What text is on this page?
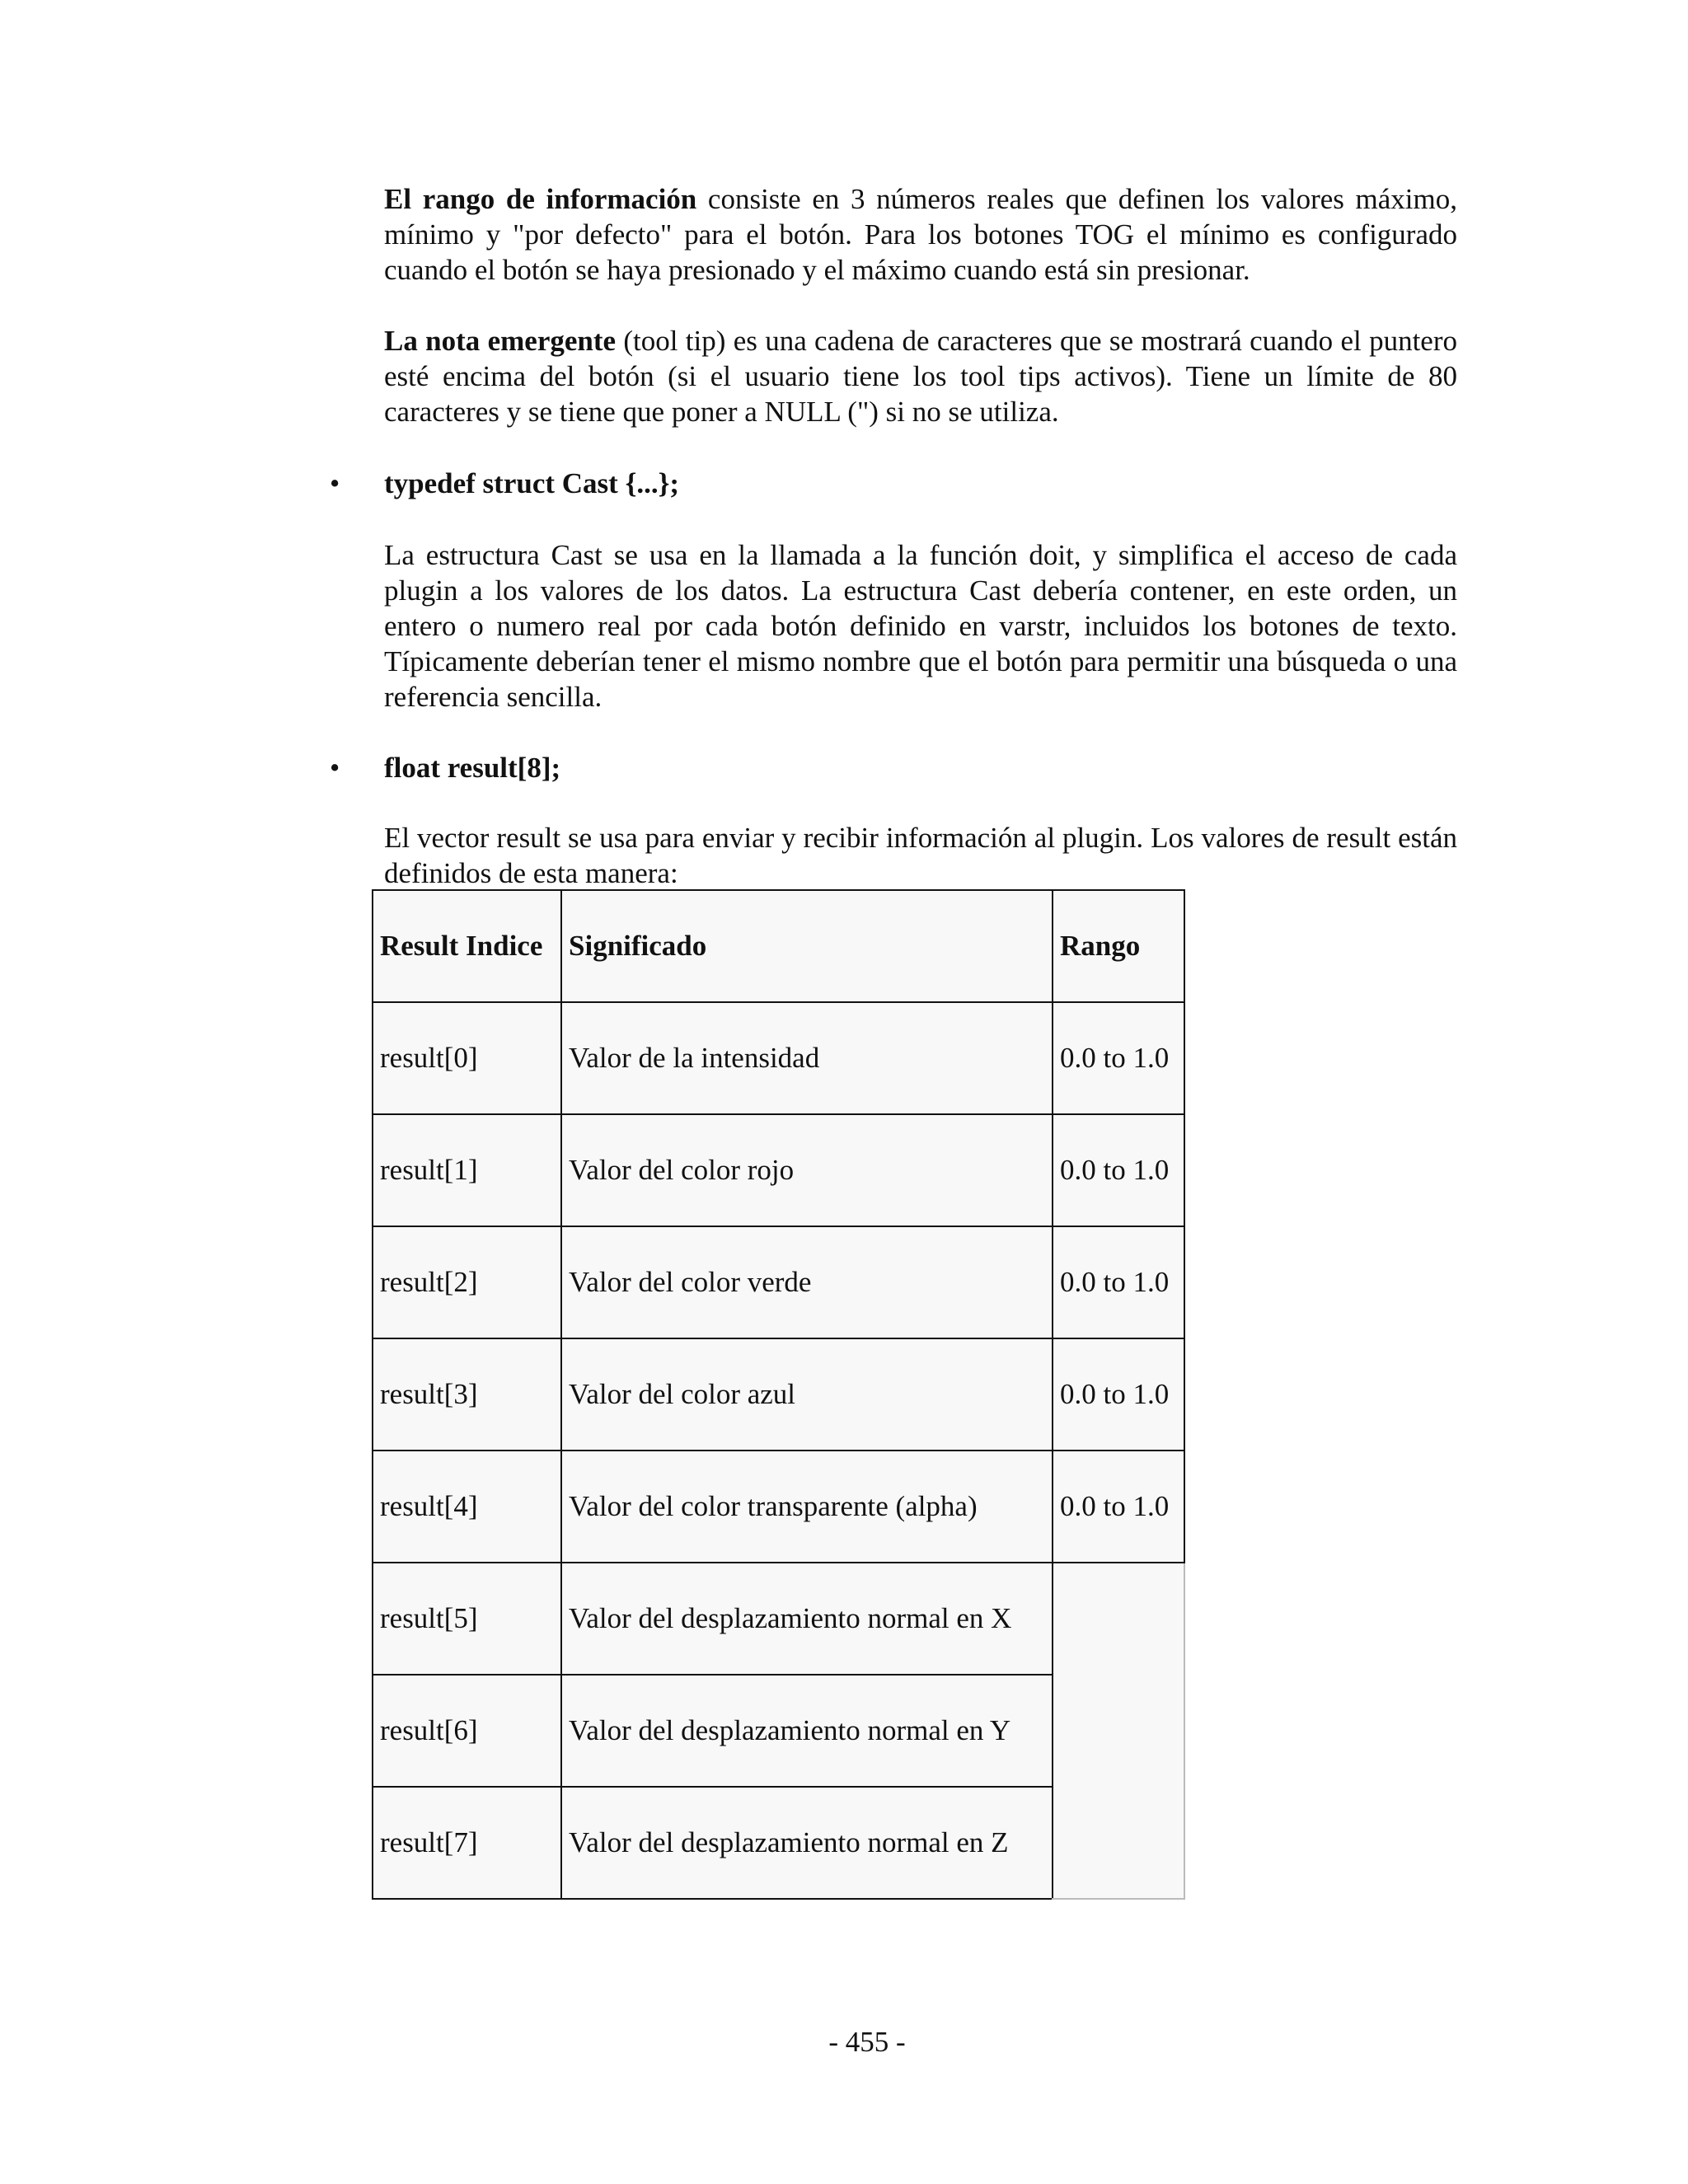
El rango de información consiste en 3 números reales que definen los valores máximo, mínimo y "por defecto" para el botón. Para los botones TOG el mínimo es configurado cuando el botón se haya presionado y el máximo cuando está sin presionar.

La nota emergente (tool tip) es una cadena de caracteres que se mostrará cuando el puntero esté encima del botón (si el usuario tiene los tool tips activos). Tiene un límite de 80 caracteres y se tiene que poner a NULL (") si no se utiliza.

• typedef struct Cast {...};

La estructura Cast se usa en la llamada a la función doit, y simplifica el acceso de cada plugin a los valores de los datos. La estructura Cast debería contener, en este orden, un entero o numero real por cada botón definido en varstr, incluidos los botones de texto. Típicamente deberían tener el mismo nombre que el botón para permitir una búsqueda o una referencia sencilla.

• float result[8];

El vector result se usa para enviar y recibir información al plugin. Los valores de result están definidos de esta manera:

Result Indice	Significado	Rango
result[0]	Valor de la intensidad	0.0 to 1.0
result[1]	Valor del color rojo	0.0 to 1.0
result[2]	Valor del color verde	0.0 to 1.0
result[3]	Valor del color azul	0.0 to 1.0
result[4]	Valor del color transparente (alpha)	0.0 to 1.0
result[5]	Valor del desplazamiento normal en X	
result[6]	Valor del desplazamiento normal en Y	
result[7]	Valor del desplazamiento normal en Z	
- 455 -
